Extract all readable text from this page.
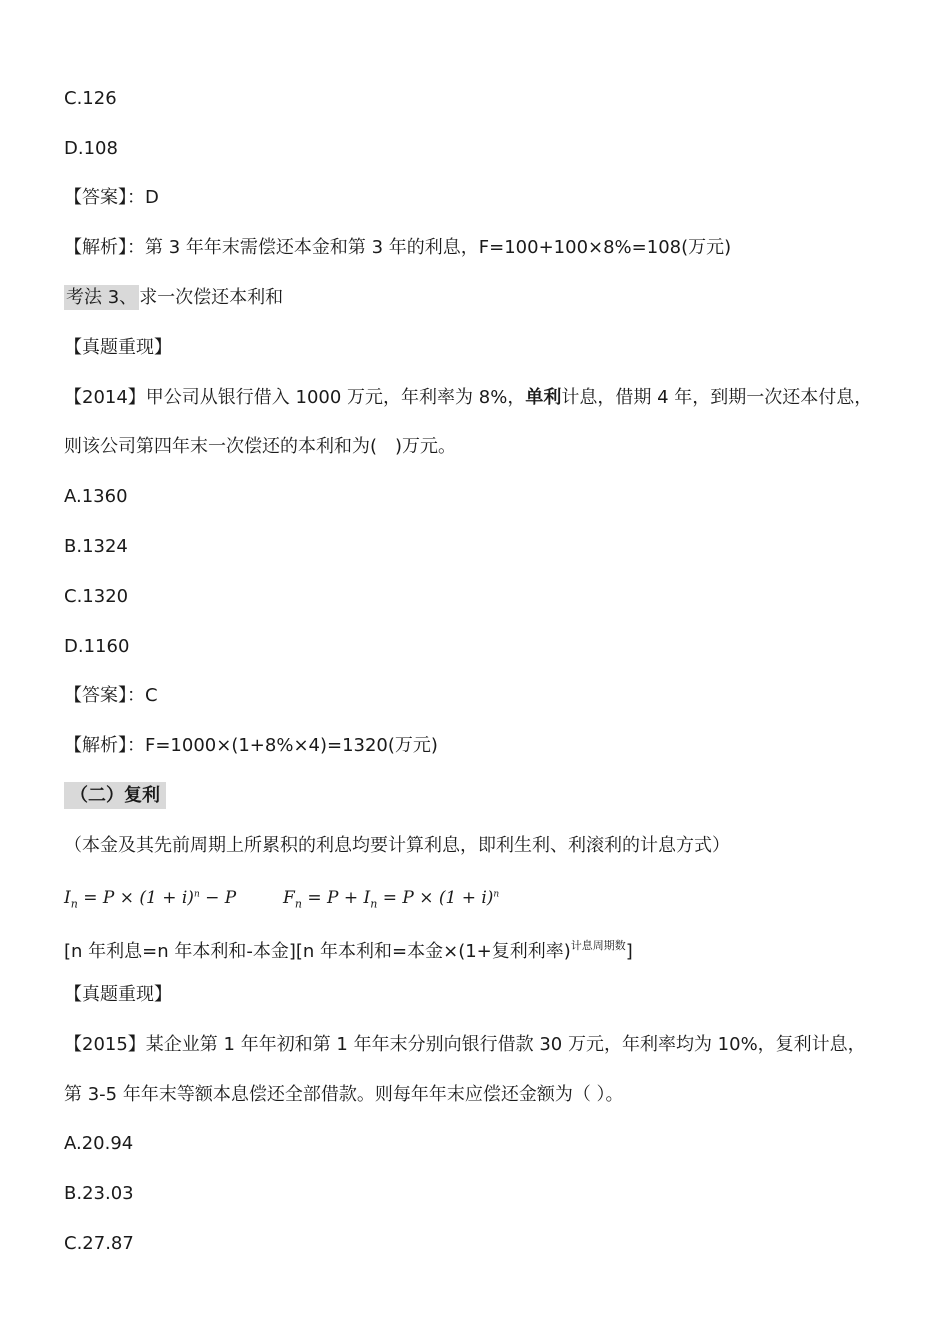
C.126
D.108
【答案】：D
【解析】：第 3 年年末需偿还本金和第 3 年的利息，F=100+100×8%=108(万元)
考法 3、 求一次偿还本利和
【真题重现】
【2014】甲公司从银行借入 1000 万元，年利率为 8%，单利计息，借期 4 年，到期一次还本付息，
则该公司第四年末一次偿还的本利和为(　)万元。
A.1360
B.1324
C.1320
D.1160
【答案】：C
【解析】：F=1000×(1+8%×4)=1320(万元)
（二）复利
（本金及其先前周期上所累积的利息均要计算利息，即利生利、利滚利的计息方式）
$I_n = P \times (1 + i)^n - P$	$F_n = P + I_n = P \times (1 + i)^n$
[n 年利息=n 年本利和-本金][n 年本利和=本金×(1+复利利率)$^{计息周期数}$]
【真题重现】
【2015】某企业第 1 年年初和第 1 年年末分别向银行借款 30 万元，年利率均为 10%，复利计息，
第 3-5 年年末等额本息偿还全部借款。则每年年末应偿还金额为（ ）。
A.20.94
B.23.03
C.27.87
